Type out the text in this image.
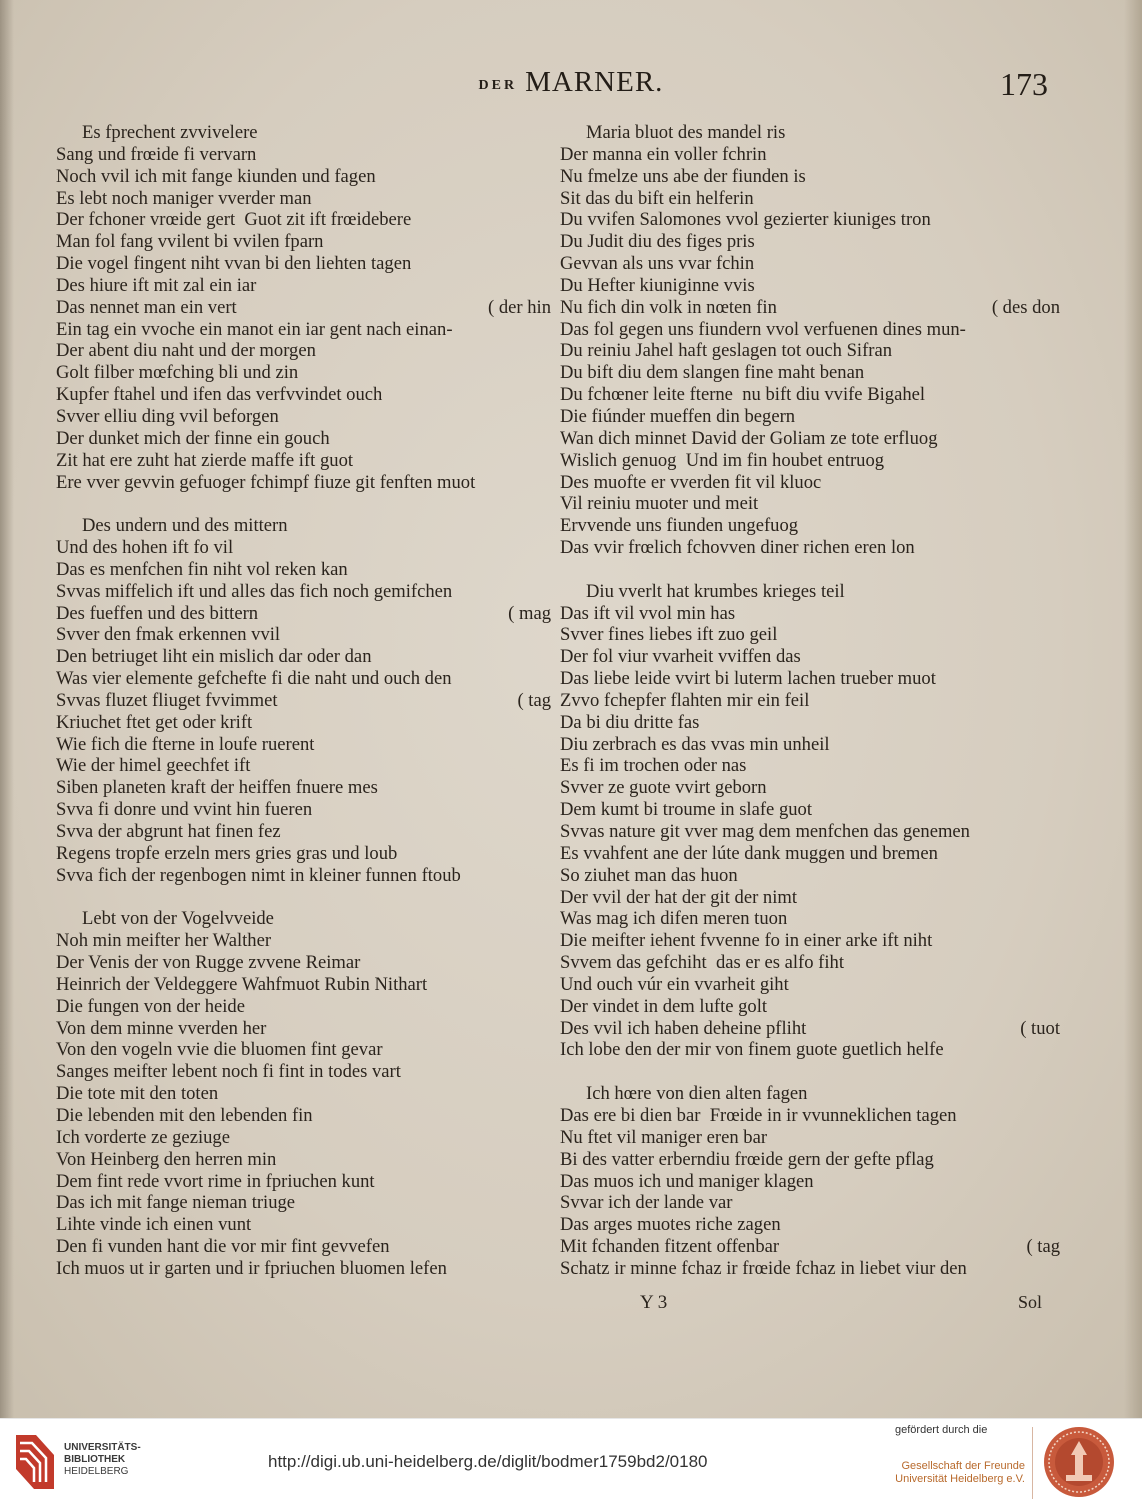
DER MARNER.	173
Es fprechent zvvivelere
Sang und frœide fi vervarn
Noch vvil ich mit fange kiunden und fagen
Es lebt noch maniger vverder man
Der fchoner vrœide gert  Guot zit ift frœidebere
Man fol fang vvilent bi vvilen fparn
Die vogel fingent niht vvan bi den liehten tagen
Des hiure ift mit zal ein iar
Das nennet man ein vert	( der hin
Ein tag ein vvoche ein manot ein iar gent nach einan-
Der abent diu naht und der morgen
Golt filber mœfching bli und zin
Kupfer ftahel und ifen das verfvvindet ouch
Svver elliu ding vvil beforgen
Der dunket mich der finne ein gouch
Zit hat ere zuht hat zierde maffe ift guot
Ere vver gevvin gefuoger fchimpf fiuze git fenften muot
Des undern und des mittern
Und des hohen ift fo vil
Das es menfchen fin niht vol reken kan
Svvas miffelich ift und alles das fich noch gemifchen
Des fueffen und des bittern	( mag
Svver den fmak erkennen vvil
Den betriuget liht ein mislich dar oder dan
Was vier elemente gefchefte fi die naht und ouch den
Svvas fluzet fliuget fvvimmet	( tag
Kriuchet ftet get oder krift
Wie fich die fterne in loufe ruerent
Wie der himel geechfet ift
Siben planeten kraft der heiffen fnuere mes
Svva fi donre und vvint hin fueren
Svva der abgrunt hat finen fez
Regens tropfe erzeln mers gries gras und loub
Svva fich der regenbogen nimt in kleiner funnen ftoub
Lebt von der Vogelvveide
Noh min meifter her Walther
Der Venis der von Rugge zvvene Reimar
Heinrich der Veldeggere Wahfmuot Rubin Nithart
Die fungen von der heide
Von dem minne vverden her
Von den vogeln vvie die bluomen fint gevar
Sanges meifter lebent noch fi fint in todes vart
Die tote mit den toten
Die lebenden mit den lebenden fin
Ich vorderte ze geziuge
Von Heinberg den herren min
Dem fint rede vvort rime in fpriuchen kunt
Das ich mit fange nieman triuge
Lihte vinde ich einen vunt
Den fi vunden hant die vor mir fint gevvefen
Ich muos ut ir garten und ir fpriuchen bluomen lefen
Maria bluot des mandel ris
Der manna ein voller fchrin
Nu fmelze uns abe der fiunden is
Sit das du bift ein helferin
Du vvifen Salomones vvol gezierter kiuniges tron
Du Judit diu des figes pris
Gevvan als uns vvar fchin
Du Hefter kiuniginne vvis
Nu fich din volk in nœten fin	( des don
Das fol gegen uns fiundern vvol verfuenen dines mun-
Du reiniu Jahel haft geslagen tot ouch Sifran
Du bift diu dem slangen fine maht benan
Du fchœner leite fterne  nu bift diu vvife Bigahel
Die fiúnder mueffen din begern
Wan dich minnet David der Goliam ze tote erfluog
Wislich genuog  Und im fin houbet entruog
Des muofte er vverden fit vil kluoc
Vil reiniu muoter und meit
Ervvende uns fiunden ungefuog
Das vvir frœlich fchovven diner richen eren lon
Diu vverlt hat krumbes krieges teil
Das ift vil vvol min has
Svver fines liebes ift zuo geil
Der fol viur vvarheit vviffen das
Das liebe leide vvirt bi luterm lachen trueber muot
Zvvo fchepfer flahten mir ein feil
Da bi diu dritte fas
Diu zerbrach es das vvas min unheil
Es fi im trochen oder nas
Svver ze guote vvirt geborn
Dem kumt bi troume in slafe guot
Svvas nature git vver mag dem menfchen das genemen
Es vvahfent ane der lúte dank muggen und bremen
So ziuhet man das huon
Der vvil der hat der git der nimt
Was mag ich difen meren tuon
Die meifter iehent fvvenne fo in einer arke ift niht
Svvem das gefchiht  das er es alfo fiht
Und ouch vúr ein vvarheit giht
Der vindet in dem lufte golt
Des vvil ich haben deheine pfliht	( tuot
Ich lobe den der mir von finem guote guetlich helfe
Ich hœre von dien alten fagen
Das ere bi dien bar  Frœide in ir vvunneklichen tagen
Nu ftet vil maniger eren bar
Bi des vatter erberndiu frœide gern der gefte pflag
Das muos ich und maniger klagen
Svvar ich der lande var
Das arges muotes riche zagen
Mit fchanden fitzent offenbar	( tag
Schatz ir minne fchaz ir frœide fchaz in liebet viur den
Y 3	Sol
UNIVERSITÄTS-
BIBLIOTHEK
HEIDELBERG
http://digi.ub.uni-heidelberg.de/diglit/bodmer1759bd2/0180
gefördert durch die
Gesellschaft der Freunde
Universität Heidelberg e.V.
